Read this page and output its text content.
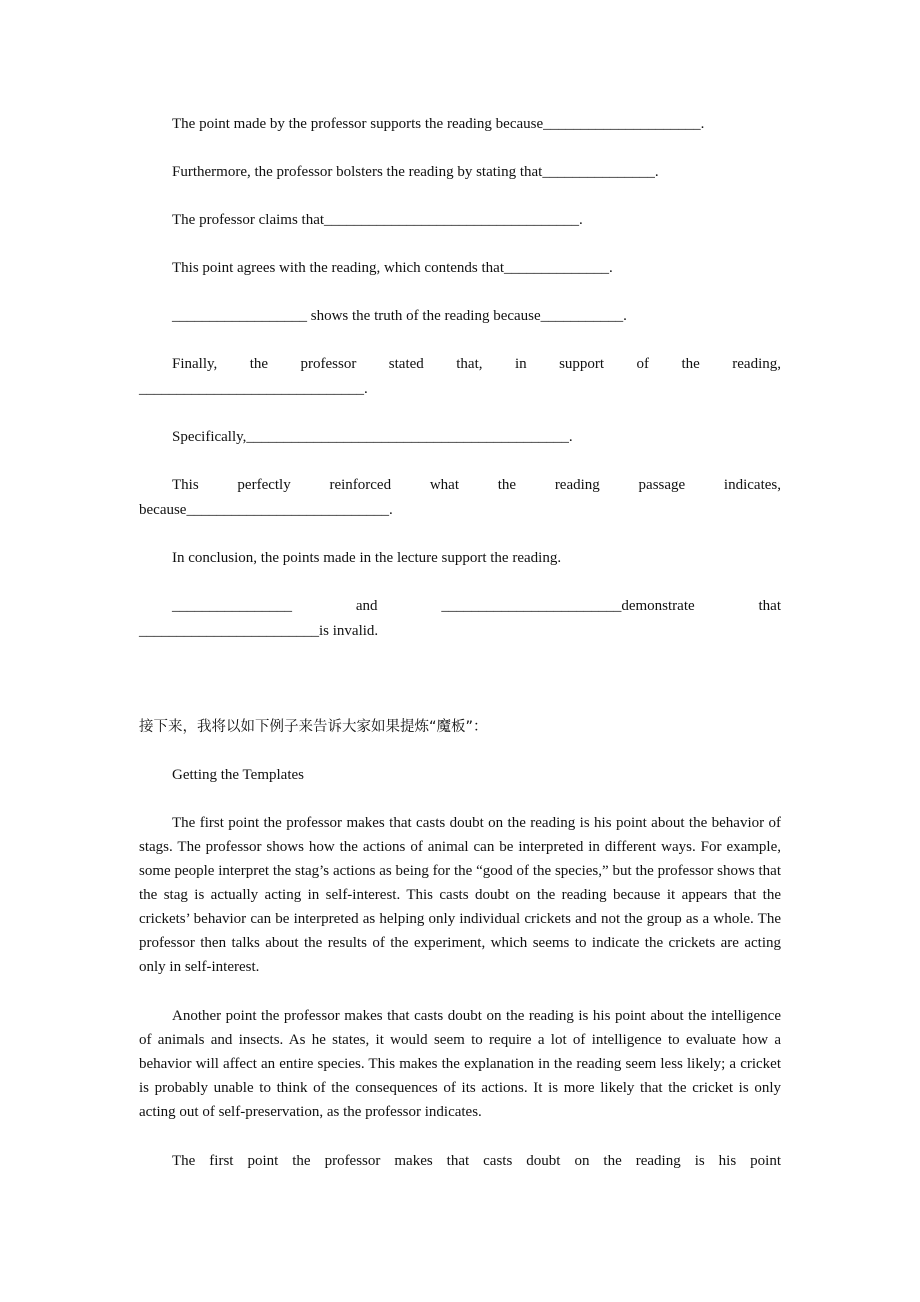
The point made by the professor supports the reading because_____________________.
Furthermore, the professor bolsters the reading by stating that_______________.
The professor claims that__________________________________.
This point agrees with the reading, which contends that______________.
__________________ shows the truth of the reading because___________.
Finally, the professor stated that, in support of the reading,
______________________________.
Specifically,___________________________________________.
This perfectly reinforced what the reading passage indicates,
because___________________________.
In conclusion, the points made in the lecture support the reading.
________________ and ________________________demonstrate that
________________________is invalid.
接下来，我将以如下例子来告诉大家如果提炼“魔板”：
Getting the Templates
The first point the professor makes that casts doubt on the reading is his point about the behavior of stags. The professor shows how the actions of animal can be interpreted in different ways. For example, some people interpret the stag’s actions as being for the “good of the species,” but the professor shows that the stag is actually acting in self-interest. This casts doubt on the reading because it appears that the crickets’ behavior can be interpreted as helping only individual crickets and not the group as a whole. The professor then talks about the results of the experiment, which seems to indicate the crickets are acting only in self-interest.
Another point the professor makes that casts doubt on the reading is his point about the intelligence of animals and insects. As he states, it would seem to require a lot of intelligence to evaluate how a behavior will affect an entire species. This makes the explanation in the reading seem less likely; a cricket is probably unable to think of the consequences of its actions. It is more likely that the cricket is only acting out of self-preservation, as the professor indicates.
The first point the professor makes that casts doubt on the reading is his point
